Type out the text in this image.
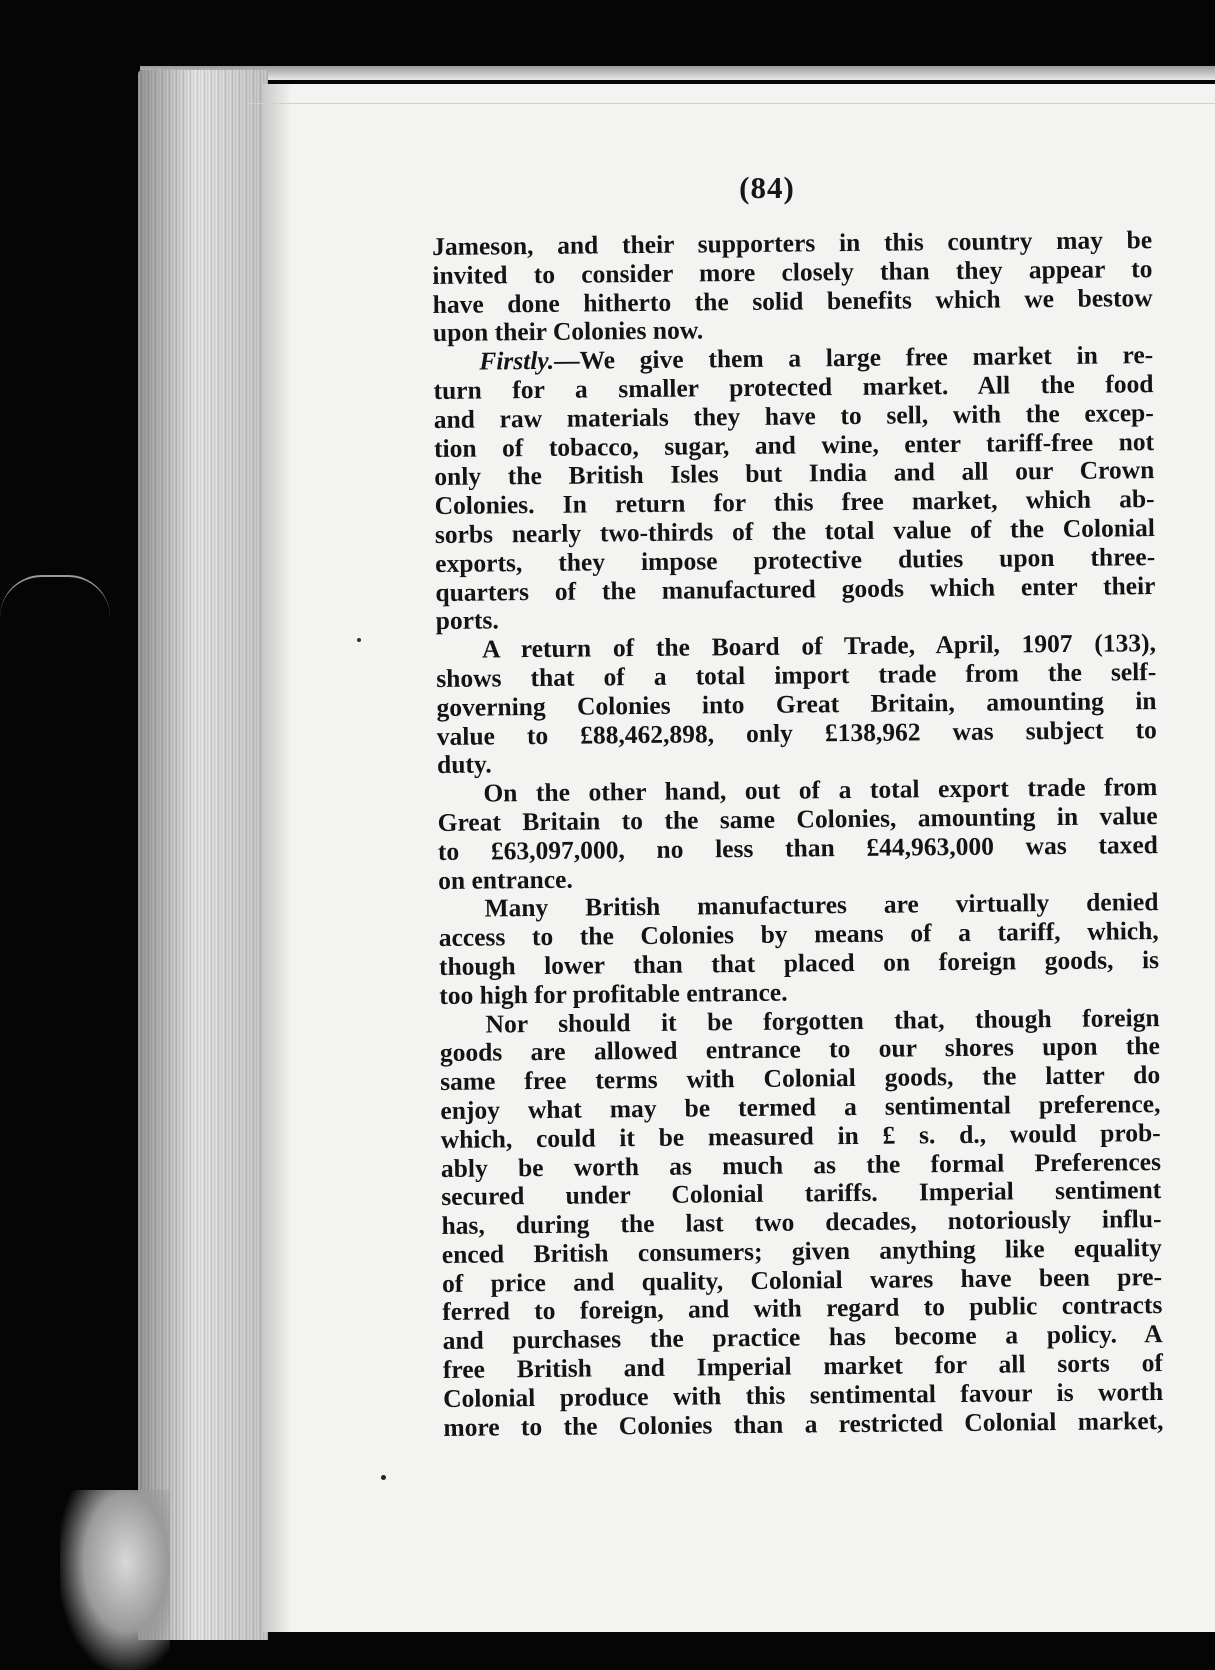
(84)
Jameson, and their supporters in this country may be
invited to consider more closely than they appear to
have done hitherto the solid benefits which we bestow
upon their Colonies now.
Firstly.—We give them a large free market in re-
turn for a smaller protected market. All the food
and raw materials they have to sell, with the excep-
tion of tobacco, sugar, and wine, enter tariff-free not
only the British Isles but India and all our Crown
Colonies. In return for this free market, which ab-
sorbs nearly two-thirds of the total value of the Colonial
exports, they impose protective duties upon three-
quarters of the manufactured goods which enter their
ports.
A return of the Board of Trade, April, 1907 (133),
shows that of a total import trade from the self-
governing Colonies into Great Britain, amounting in
value to £88,462,898, only £138,962 was subject to
duty.
On the other hand, out of a total export trade from
Great Britain to the same Colonies, amounting in value
to £63,097,000, no less than £44,963,000 was taxed
on entrance.
Many British manufactures are virtually denied
access to the Colonies by means of a tariff, which,
though lower than that placed on foreign goods, is
too high for profitable entrance.
Nor should it be forgotten that, though foreign
goods are allowed entrance to our shores upon the
same free terms with Colonial goods, the latter do
enjoy what may be termed a sentimental preference,
which, could it be measured in £ s. d., would prob-
ably be worth as much as the formal Preferences
secured under Colonial tariffs. Imperial sentiment
has, during the last two decades, notoriously influ-
enced British consumers; given anything like equality
of price and quality, Colonial wares have been pre-
ferred to foreign, and with regard to public contracts
and purchases the practice has become a policy. A
free British and Imperial market for all sorts of
Colonial produce with this sentimental favour is worth
more to the Colonies than a restricted Colonial market,
